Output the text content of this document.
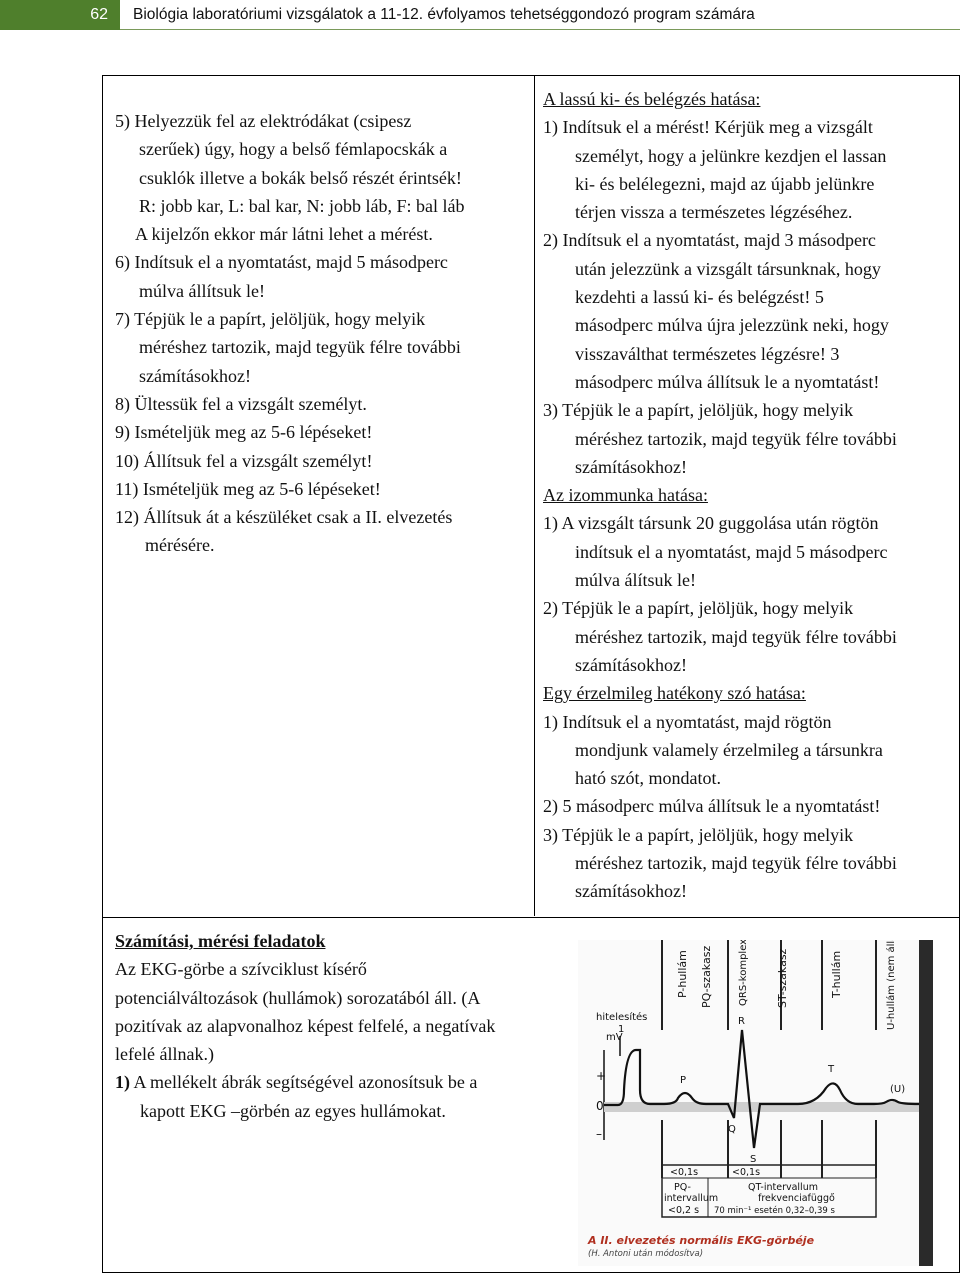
62	Biológia laboratóriumi vizsgálatok a 11-12. évfolyamos tehetséggondozó program számára
5) Helyezzük fel az elektródákat (csipesz
szerűek) úgy, hogy a belső fémlapocskák a
csuklók illetve a bokák belső részét érintsék!
R: jobb kar, L: bal kar, N: jobb láb, F: bal láb
A kijelzőn ekkor már látni lehet a mérést.
6) Indítsuk el a nyomtatást, majd 5 másodperc
múlva állítsuk le!
7) Tépjük le a papírt, jelöljük, hogy melyik
méréshez tartozik, majd tegyük félre további
számításokhoz!
8) Ültessük fel a vizsgált személyt.
9) Ismételjük meg az 5-6 lépéseket!
10) Állítsuk fel a vizsgált személyt!
11) Ismételjük meg az 5-6 lépéseket!
12) Állítsuk át a készüléket csak a II. elvezetés
mérésére.
A lassú ki- és belégzés hatása:
1) Indítsuk el a mérést! Kérjük meg a vizsgált
személyt, hogy a jelünkre kezdjen el lassan
ki- és belélegezni, majd az újabb jelünkre
térjen vissza a természetes légzéséhez.
2) Indítsuk el a nyomtatást, majd 3 másodperc
után jelezzünk a vizsgált társunknak, hogy
kezdehti a lassú ki- és belégzést! 5
másodperc múlva újra jelezzünk neki, hogy
visszaválthat természetes légzésre! 3
másodperc múlva állítsuk le a nyomtatást!
3) Tépjük le a papírt, jelöljük, hogy melyik
méréshez tartozik, majd tegyük félre további
számításokhoz!
Az izommunka hatása:
1) A vizsgált társunk 20 guggolása után rögtön
indítsuk el a nyomtatást, majd 5 másodperc
múlva álítsuk le!
2) Tépjük le a papírt, jelöljük, hogy melyik
méréshez tartozik, majd tegyük félre további
számításokhoz!
Egy érzelmileg hatékony szó hatása:
1) Indítsuk el a nyomtatást, majd rögtön
mondjunk valamely érzelmileg a társunkra
ható szót, mondatot.
2) 5 másodperc múlva állítsuk le a nyomtatást!
3) Tépjük le a papírt, jelöljük, hogy melyik
méréshez tartozik, majd tegyük félre további
számításokhoz!
Számítási, mérési feladatok
Az EKG-görbe a szívciklust kísérő
potenciálváltozások (hullámok) sorozatából áll. (A
pozitívak az alapvonalhoz képest felfelé, a negatívak
lefelé állnak.)
1) A mellékelt ábrák segítségével azonosítsuk be a
kapott EKG –görbén az egyes hullámokat.
P-hullám PQ-szakasz	QRS-komplexus ST-szakasz	T-hullám	U-hullám (nem állandó)
hitelesítés
1
mV
+
0
–
P
Q
R
S
T
(U)
<0,1s	<0,1s
PQ-
intervallum
<0,2 s
QT-intervallum
frekvenciafüggő
70 min⁻¹ esetén 0,32–0,39 s
A II. elvezetés normális EKG-görbéje
(H. Antoni után módosítva)
